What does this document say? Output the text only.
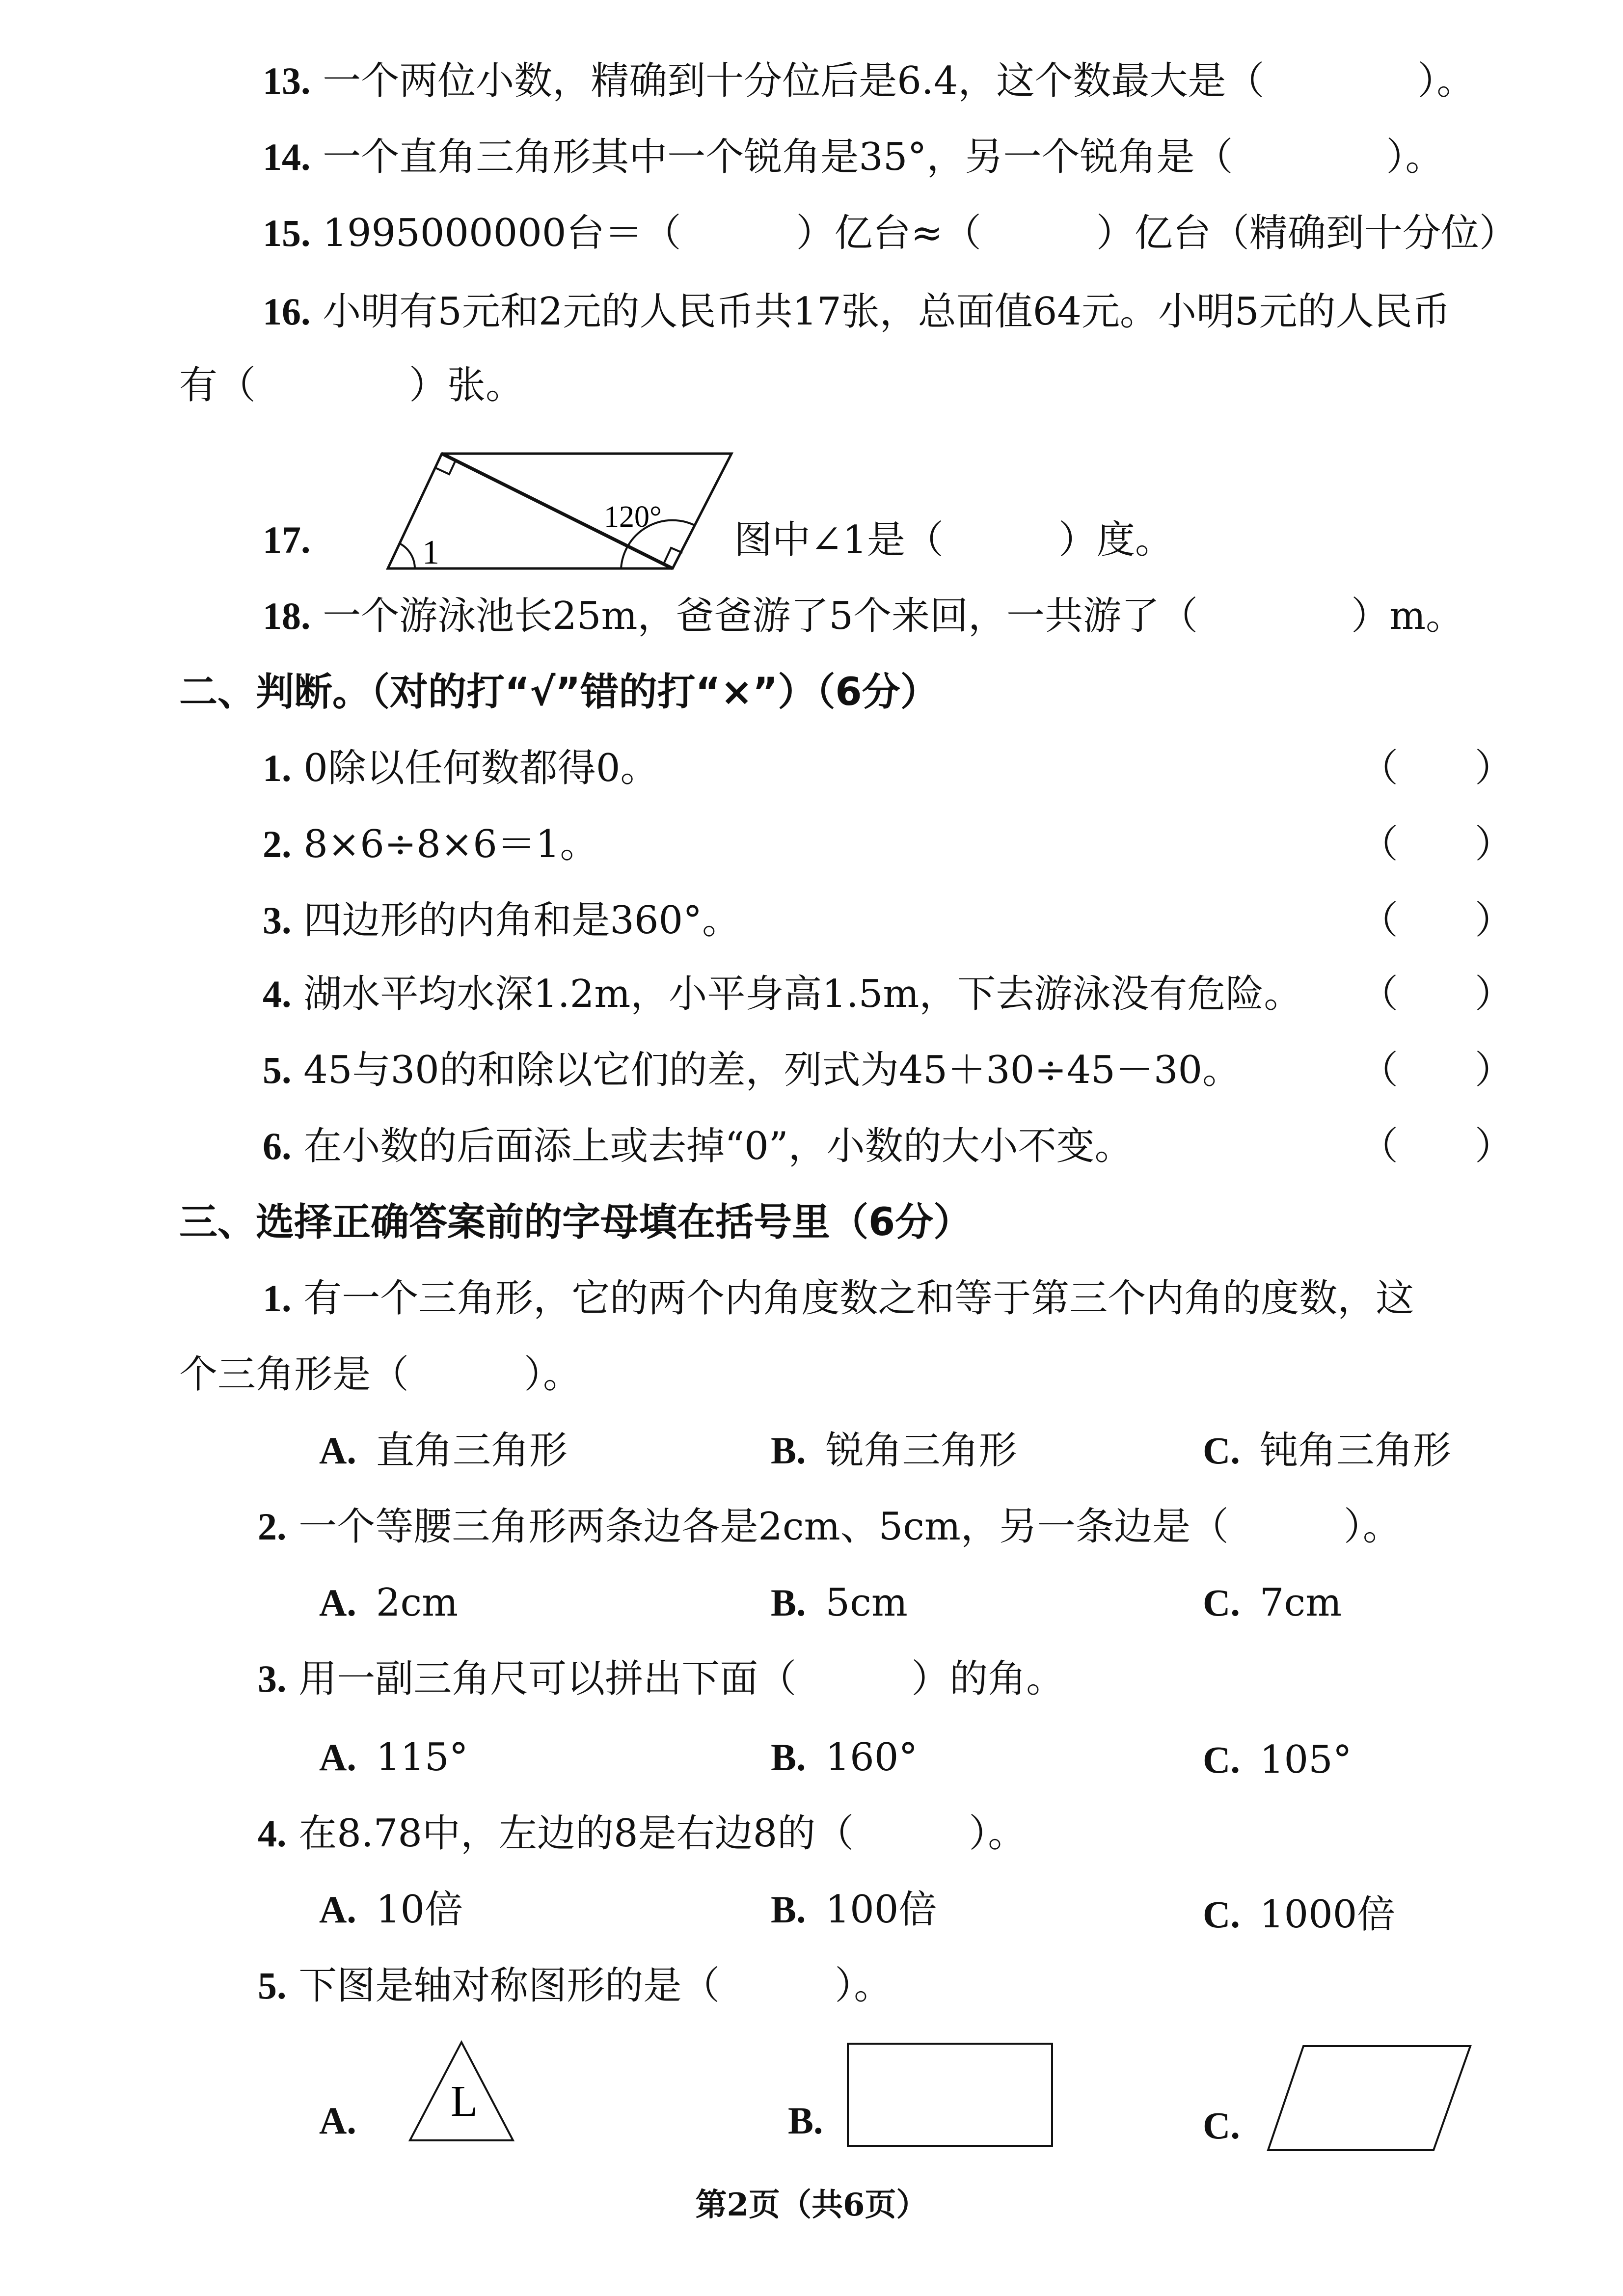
13. 一个两位小数，精确到十分位后是6.4，这个数最大是（　　　　）。
14. 一个直角三角形其中一个锐角是35°，另一个锐角是（　　　　）。
15. 1995000000台＝（　　　）亿台≈（　　　）亿台（精确到十分位）
16. 小明有5元和2元的人民币共17张，总面值64元。小明5元的人民币
有（　　　　）张。
17.	1
120°
图中∠1是（　　　）度。
18. 一个游泳池长25m，爸爸游了5个来回，一共游了（　　　　）m。
二、判断。（对的打“√”错的打“×”）（6分）
1. 0除以任何数都得0。	（　　）
2. 8×6÷8×6＝1。	（　　）
3. 四边形的内角和是360°。	（　　）
4. 湖水平均水深1.2m，小平身高1.5m，下去游泳没有危险。	（　　）
5. 45与30的和除以它们的差，列式为45＋30÷45－30。	（　　）
6. 在小数的后面添上或去掉“0”，小数的大小不变。	（　　）
三、选择正确答案前的字母填在括号里（6分）
1. 有一个三角形，它的两个内角度数之和等于第三个内角的度数，这
个三角形是（　　　）。
A. 直角三角形	B. 锐角三角形	C. 钝角三角形
2. 一个等腰三角形两条边各是2cm、5cm，另一条边是（　　　）。
A. 2cm	B. 5cm	C. 7cm
3. 用一副三角尺可以拼出下面（　　　）的角。
A. 115°	B. 160°	C. 105°
4. 在8.78中，左边的8是右边8的（　　　）。
A. 10倍	B. 100倍	C. 1000倍
5. 下图是轴对称图形的是（　　　）。
A.	L	B.	C.
第2页（共6页）
